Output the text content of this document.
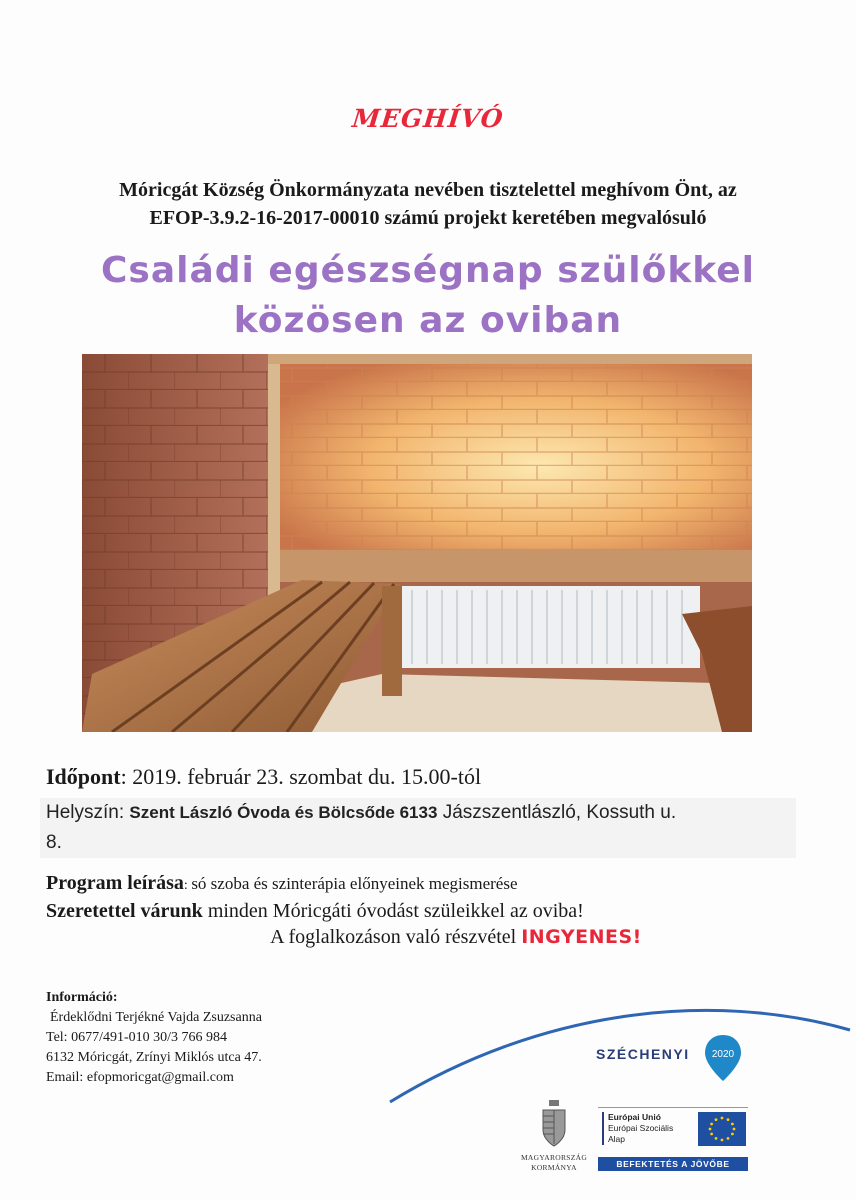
MEGHÍVÓ
Móricgát Község Önkormányzata nevében tisztelettel meghívom Önt, az
EFOP-3.9.2-16-2017-00010 számú projekt keretében megvalósuló
Családi egészségnap szülőkkel
közösen az oviban
Időpont: 2019. február 23. szombat du. 15.00-tól
Helyszín: Szent László Óvoda és Bölcsőde 6133 Jászszentlászló, Kossuth u.
8.
Program leírása: só szoba és szinterápia előnyeinek megismerése
Szeretettel várunk minden Móricgáti óvodást szüleikkel az oviba!
A foglalkozáson való részvétel INGYENES!
Információ:
Érdeklődni Terjékné Vajda Zsuzsanna
Tel: 0677/491-010 30/3 766 984
6132 Móricgát, Zrínyi Miklós utca 47.
Email: efopmoricgat@gmail.com
SZÉCHENYI 2020
MAGYARORSZÁG
KORMÁNYA
Európai Unió
Európai Szociális
Alap
BEFEKTETÉS A JÖVŐBE
